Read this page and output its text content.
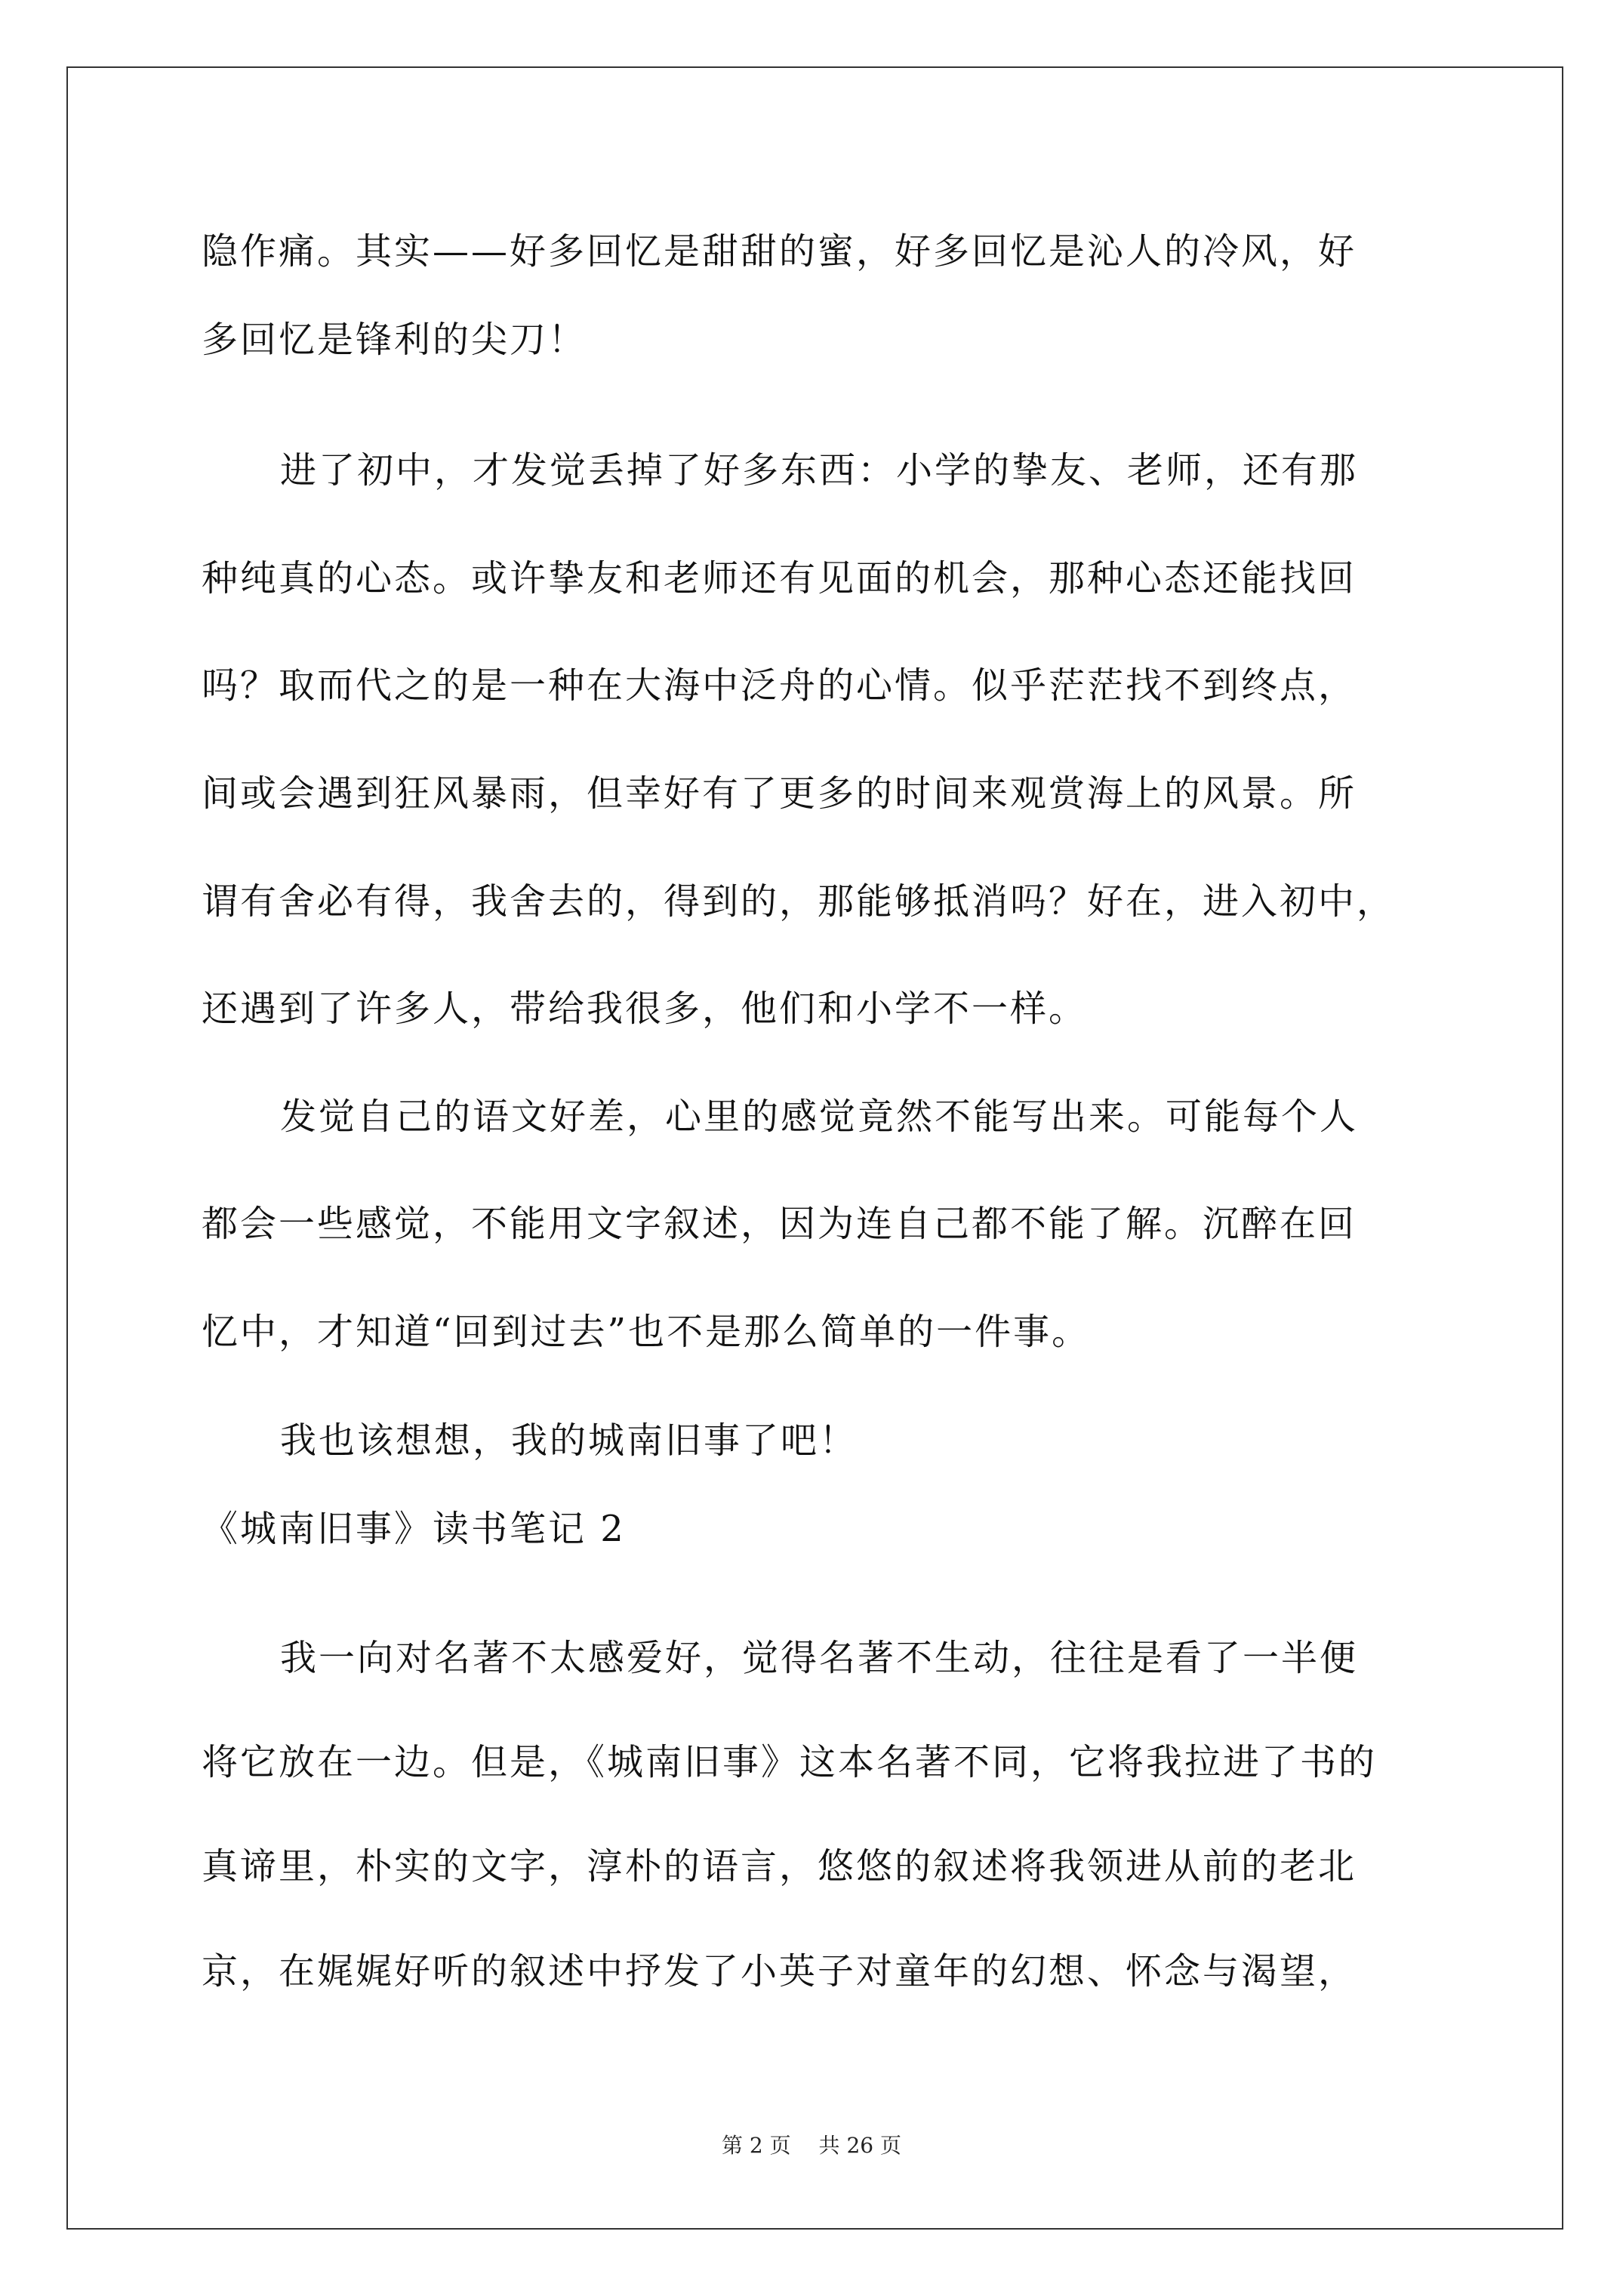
隐作痛。其实——好多回忆是甜甜的蜜，好多回忆是沁人的冷风，好
多回忆是锋利的尖刀！
进了初中，才发觉丢掉了好多东西：小学的挚友、老师，还有那
种纯真的心态。或许挚友和老师还有见面的机会，那种心态还能找回
吗？取而代之的是一种在大海中泛舟的心情。似乎茫茫找不到终点，
间或会遇到狂风暴雨，但幸好有了更多的时间来观赏海上的风景。所
谓有舍必有得，我舍去的，得到的，那能够抵消吗？好在，进入初中，
还遇到了许多人，带给我很多，他们和小学不一样。
发觉自己的语文好差，心里的感觉竟然不能写出来。可能每个人
都会一些感觉，不能用文字叙述，因为连自己都不能了解。沉醉在回
忆中，才知道“回到过去”也不是那么简单的一件事。
我也该想想，我的城南旧事了吧！
《城南旧事》读书笔记 2
我一向对名著不太感爱好，觉得名著不生动，往往是看了一半便
将它放在一边。但是，《城南旧事》这本名著不同，它将我拉进了书的
真谛里，朴实的文字，淳朴的语言，悠悠的叙述将我领进从前的老北
京，在娓娓好听的叙述中抒发了小英子对童年的幻想、怀念与渴望，
第 2 页 共 26 页
